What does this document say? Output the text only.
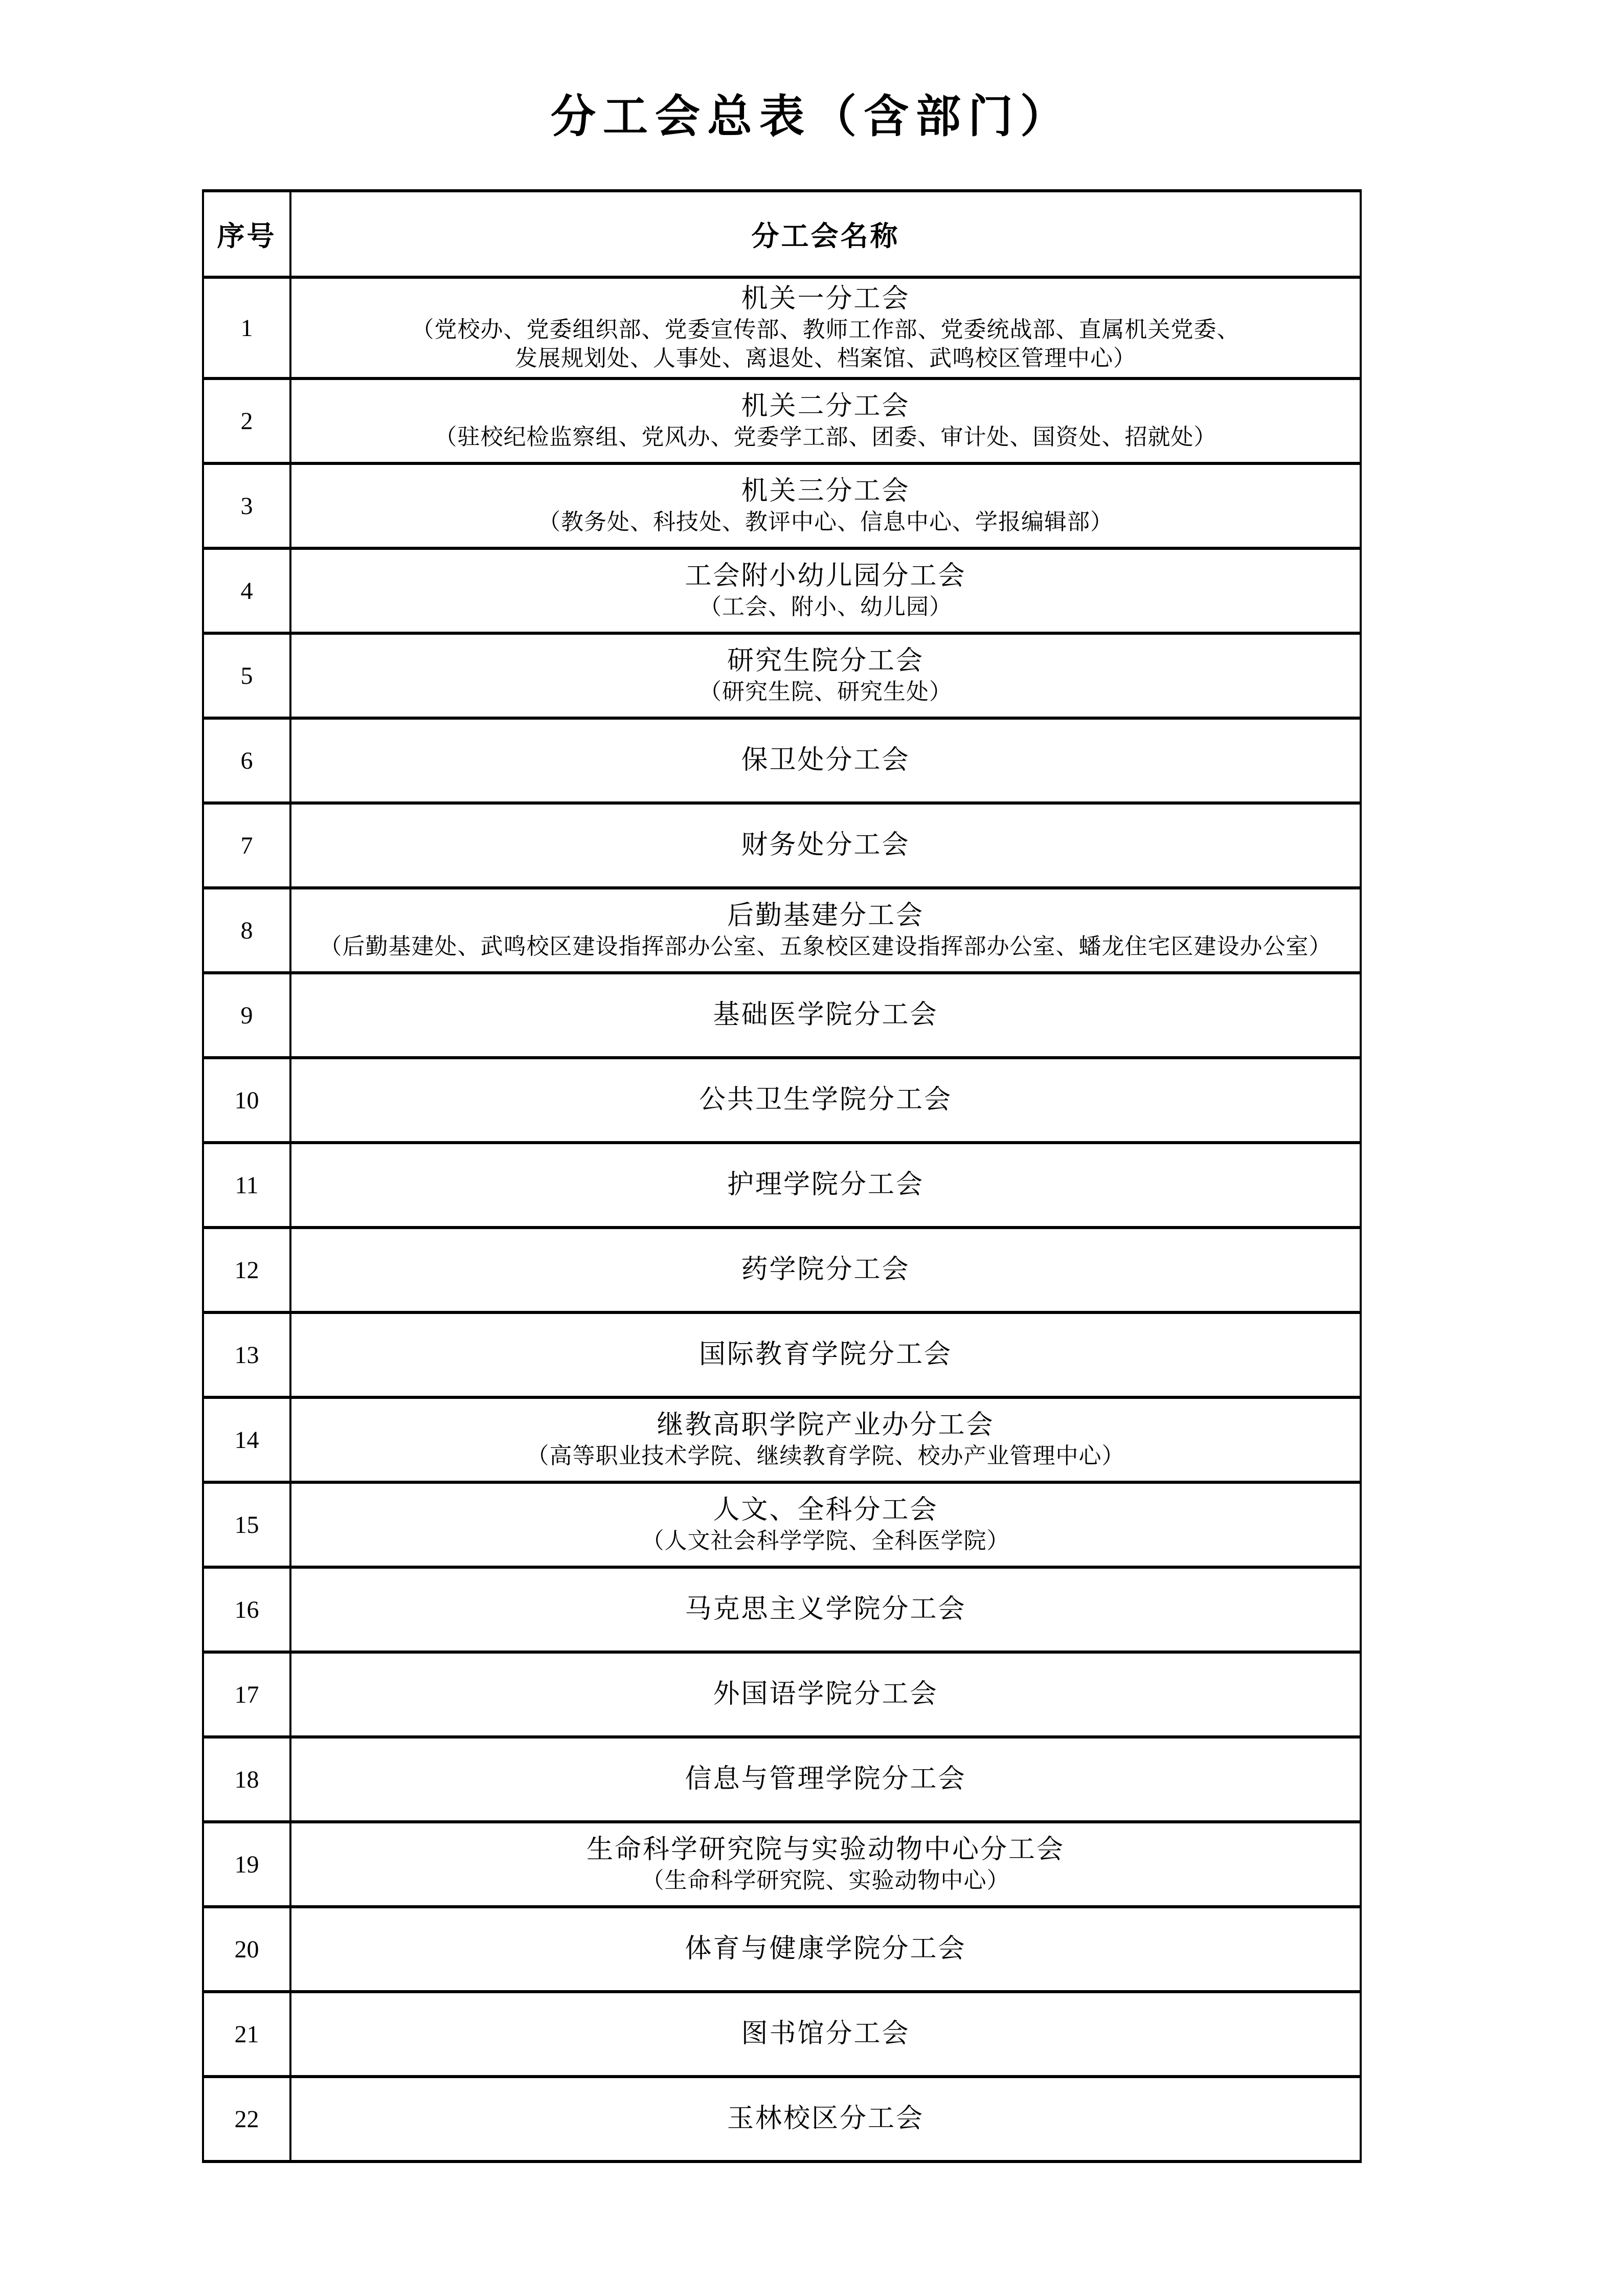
分工会总表（含部门）
序号	分工会名称
1	机关一分工会
（党校办、党委组织部、党委宣传部、教师工作部、党委统战部、直属机关党委、
发展规划处、人事处、离退处、档案馆、武鸣校区管理中心）

2	机关二分工会
（驻校纪检监察组、党风办、党委学工部、团委、审计处、国资处、招就处）

3	机关三分工会
（教务处、科技处、教评中心、信息中心、学报编辑部）

4	工会附小幼儿园分工会
（工会、附小、幼儿园）

5	研究生院分工会
（研究生院、研究生处）

6	保卫处分工会

7	财务处分工会

8	后勤基建分工会
（后勤基建处、武鸣校区建设指挥部办公室、五象校区建设指挥部办公室、蟠龙住宅区建设办公室）

9	基础医学院分工会

10	公共卫生学院分工会

11	护理学院分工会

12	药学院分工会

13	国际教育学院分工会

14	继教高职学院产业办分工会
（高等职业技术学院、继续教育学院、校办产业管理中心）

15	人文、全科分工会
（人文社会科学学院、全科医学院）

16	马克思主义学院分工会

17	外国语学院分工会

18	信息与管理学院分工会

19	生命科学研究院与实验动物中心分工会
（生命科学研究院、实验动物中心）

20	体育与健康学院分工会

21	图书馆分工会

22	玉林校区分工会
